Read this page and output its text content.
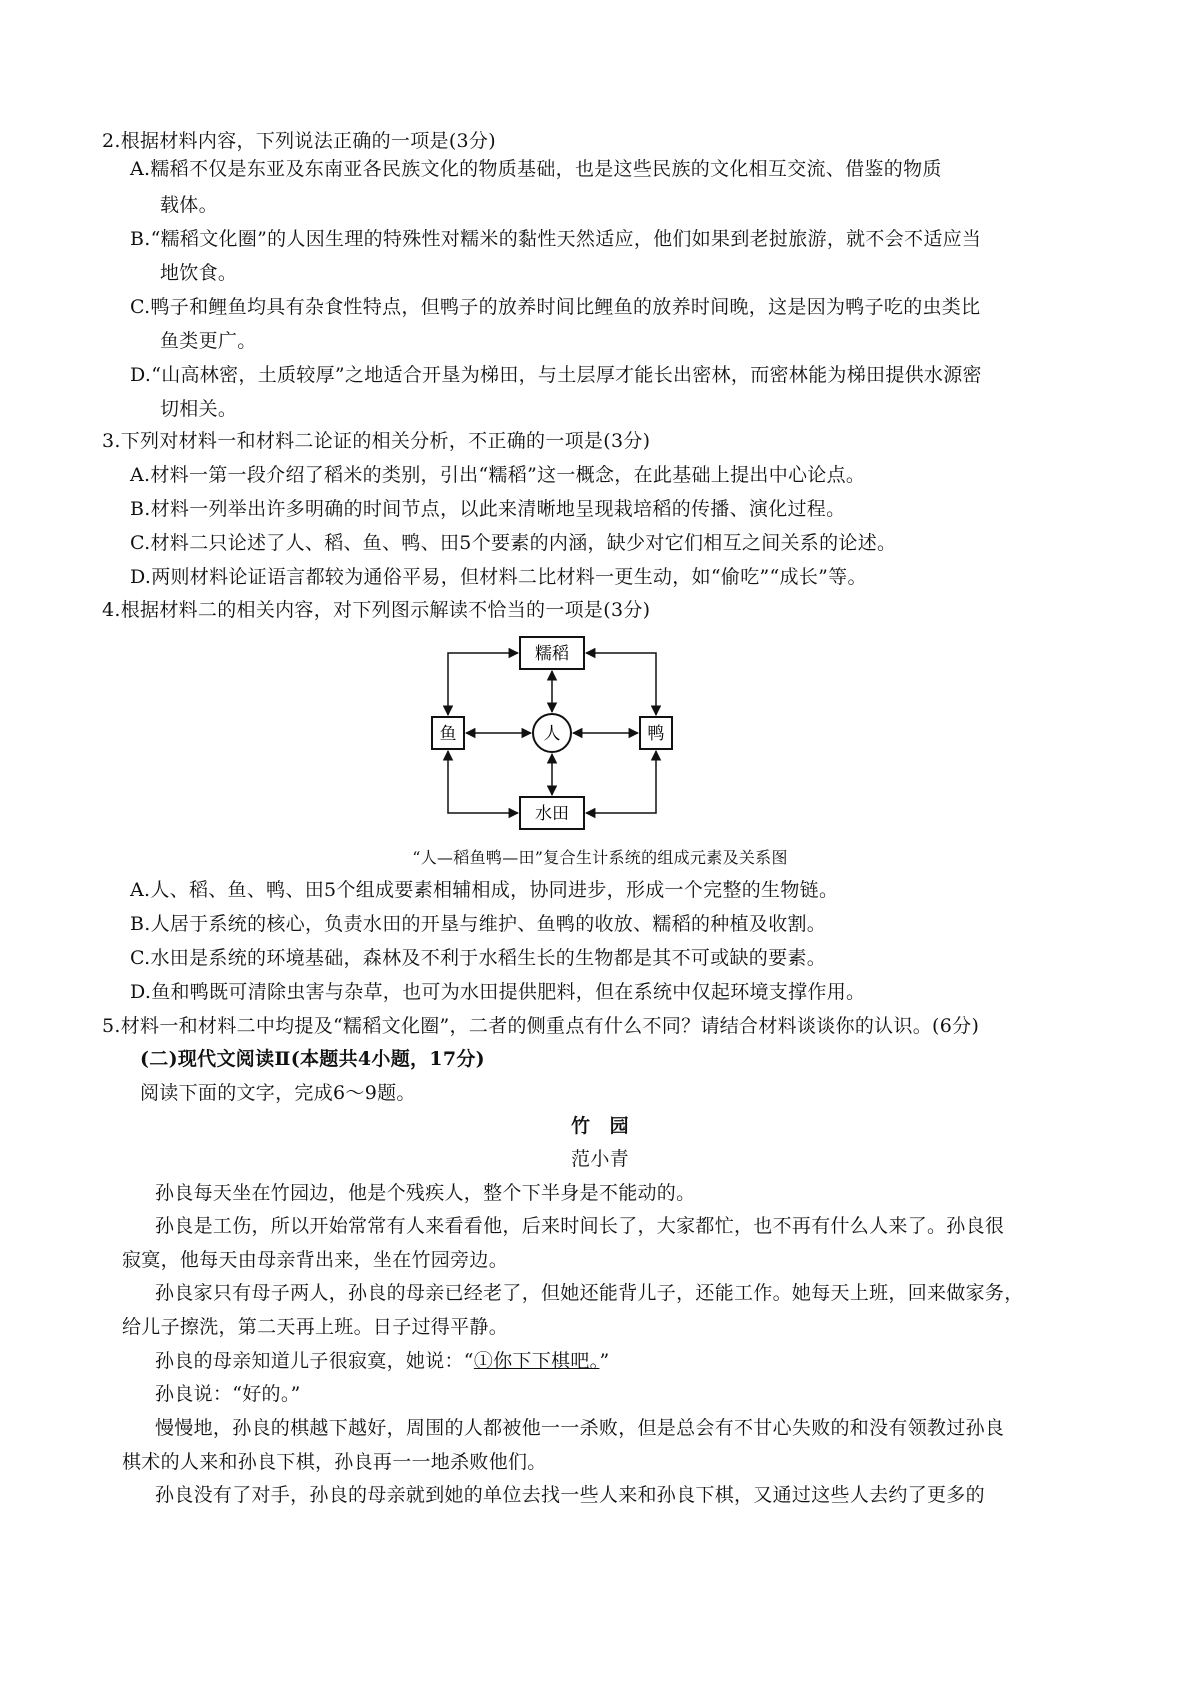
2.根据材料内容，下列说法正确的一项是(3分)
A.糯稻不仅是东亚及东南亚各民族文化的物质基础，也是这些民族的文化相互交流、借鉴的物质
载体。
B.“糯稻文化圈”的人因生理的特殊性对糯米的黏性天然适应，他们如果到老挝旅游，就不会不适应当
地饮食。
C.鸭子和鲤鱼均具有杂食性特点，但鸭子的放养时间比鲤鱼的放养时间晚，这是因为鸭子吃的虫类比
鱼类更广。
D.“山高林密，土质较厚”之地适合开垦为梯田，与土层厚才能长出密林，而密林能为梯田提供水源密
切相关。
3.下列对材料一和材料二论证的相关分析，不正确的一项是(3分)
A.材料一第一段介绍了稻米的类别，引出“糯稻”这一概念，在此基础上提出中心论点。
B.材料一列举出许多明确的时间节点，以此来清晰地呈现栽培稻的传播、演化过程。
C.材料二只论述了人、稻、鱼、鸭、田5个要素的内涵，缺少对它们相互之间关系的论述。
D.两则材料论证语言都较为通俗平易，但材料二比材料一更生动，如“偷吃”“成长”等。
4.根据材料二的相关内容，对下列图示解读不恰当的一项是(3分)
糯稻
鱼	人	鸭
水田
“人—稻鱼鸭—田”复合生计系统的组成元素及关系图
A.人、稻、鱼、鸭、田5个组成要素相辅相成，协同进步，形成一个完整的生物链。
B.人居于系统的核心，负责水田的开垦与维护、鱼鸭的收放、糯稻的种植及收割。
C.水田是系统的环境基础，森林及不利于水稻生长的生物都是其不可或缺的要素。
D.鱼和鸭既可清除虫害与杂草，也可为水田提供肥料，但在系统中仅起环境支撑作用。
5.材料一和材料二中均提及“糯稻文化圈”，二者的侧重点有什么不同？请结合材料谈谈你的认识。(6分)
(二)现代文阅读Ⅱ(本题共4小题，17分)
阅读下面的文字，完成6～9题。
竹　园
范小青
孙良每天坐在竹园边，他是个残疾人，整个下半身是不能动的。
孙良是工伤，所以开始常常有人来看看他，后来时间长了，大家都忙，也不再有什么人来了。孙良很
寂寞，他每天由母亲背出来，坐在竹园旁边。
孙良家只有母子两人，孙良的母亲已经老了，但她还能背儿子，还能工作。她每天上班，回来做家务，
给儿子擦洗，第二天再上班。日子过得平静。
孙良的母亲知道儿子很寂寞，她说：“①你下下棋吧。”
孙良说：“好的。”
慢慢地，孙良的棋越下越好，周围的人都被他一一杀败，但是总会有不甘心失败的和没有领教过孙良
棋术的人来和孙良下棋，孙良再一一地杀败他们。
孙良没有了对手，孙良的母亲就到她的单位去找一些人来和孙良下棋，又通过这些人去约了更多的
